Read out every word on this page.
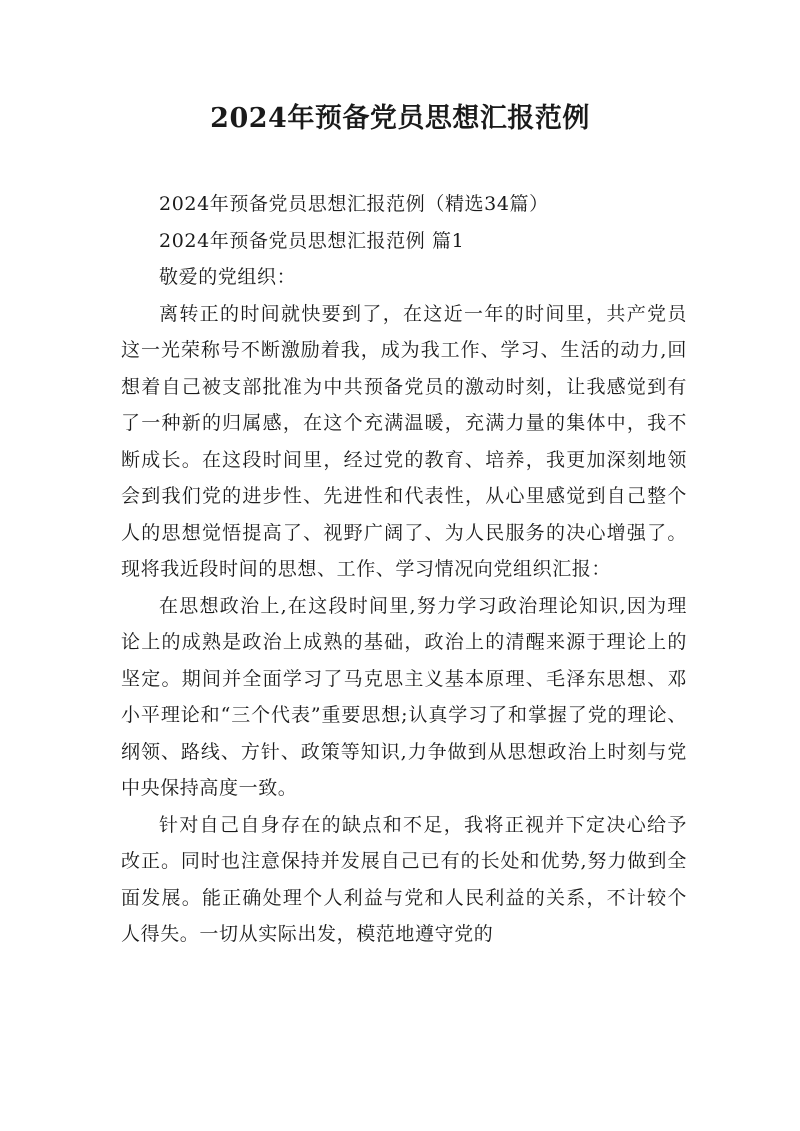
2024年预备党员思想汇报范例

2024年预备党员思想汇报范例（精选34篇）

2024年预备党员思想汇报范例 篇1

敬爱的党组织：

离转正的时间就快要到了，在这近一年的时间里，共产党员这一光荣称号不断激励着我，成为我工作、学习、生活的动力,回想着自己被支部批准为中共预备党员的激动时刻，让我感觉到有了一种新的归属感，在这个充满温暖，充满力量的集体中，我不断成长。在这段时间里，经过党的教育、培养，我更加深刻地领会到我们党的进步性、先进性和代表性，从心里感觉到自己整个人的思想觉悟提高了、视野广阔了、为人民服务的决心增强了。现将我近段时间的思想、工作、学习情况向党组织汇报：

在思想政治上,在这段时间里,努力学习政治理论知识,因为理论上的成熟是政治上成熟的基础，政治上的清醒来源于理论上的坚定。期间并全面学习了马克思主义基本原理、毛泽东思想、邓小平理论和“三个代表”重要思想;认真学习了和掌握了党的理论、纲领、路线、方针、政策等知识,力争做到从思想政治上时刻与党中央保持高度一致。

针对自己自身存在的缺点和不足，我将正视并下定决心给予改正。同时也注意保持并发展自己已有的长处和优势,努力做到全面发展。能正确处理个人利益与党和人民利益的关系，不计较个人得失。一切从实际出发，模范地遵守党的
